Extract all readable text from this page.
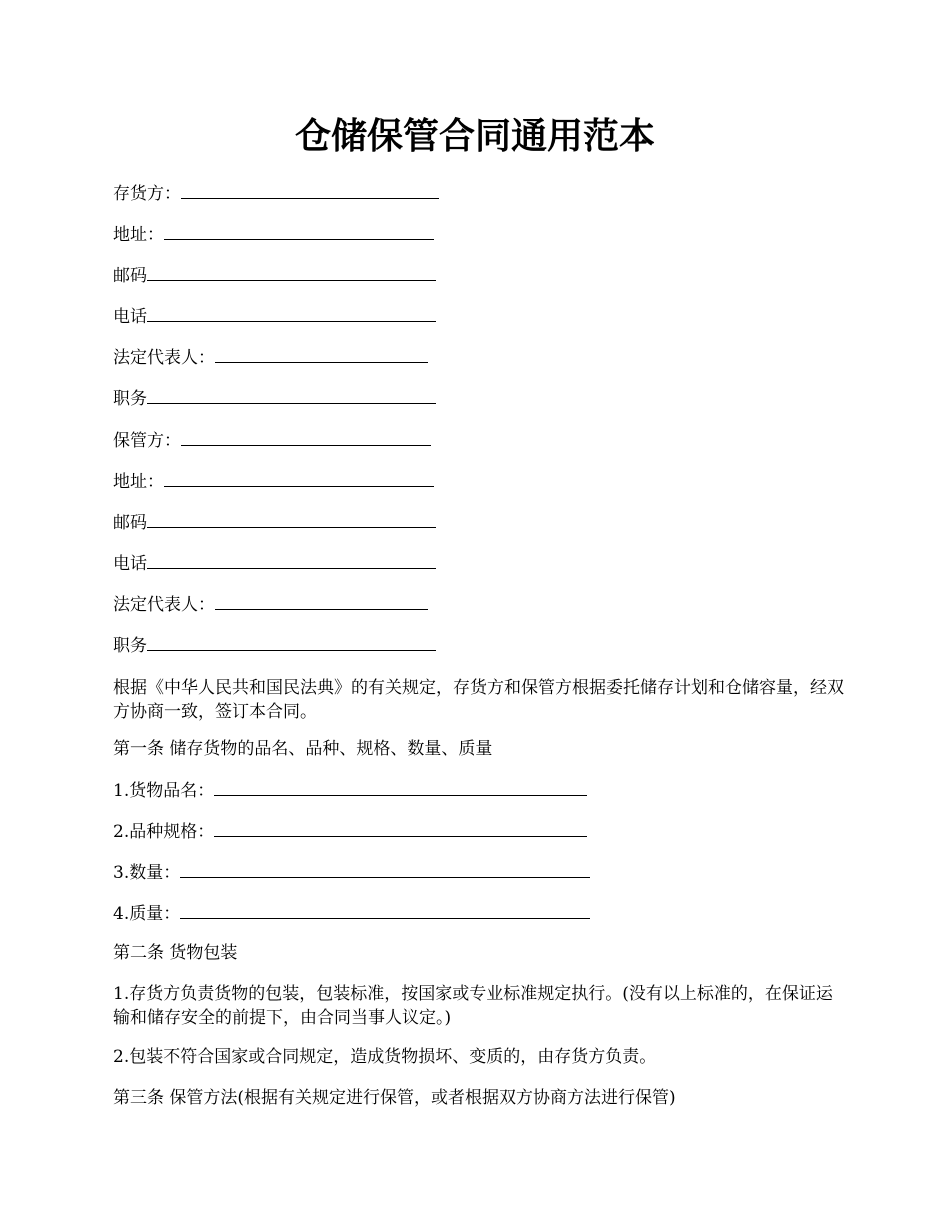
仓储保管合同通用范本
存货方：
地址：
邮码
电话
法定代表人：
职务
保管方：
地址：
邮码
电话
法定代表人：
职务
根据《中华人民共和国民法典》的有关规定，存货方和保管方根据委托储存计划和仓储容量，经双方协商一致，签订本合同。
第一条 储存货物的品名、品种、规格、数量、质量
1.货物品名：
2.品种规格：
3.数量：
4.质量：
第二条 货物包装
1.存货方负责货物的包装，包装标准，按国家或专业标准规定执行。(没有以上标准的，在保证运输和储存安全的前提下，由合同当事人议定。)
2.包装不符合国家或合同规定，造成货物损坏、变质的，由存货方负责。
第三条 保管方法(根据有关规定进行保管，或者根据双方协商方法进行保管)
